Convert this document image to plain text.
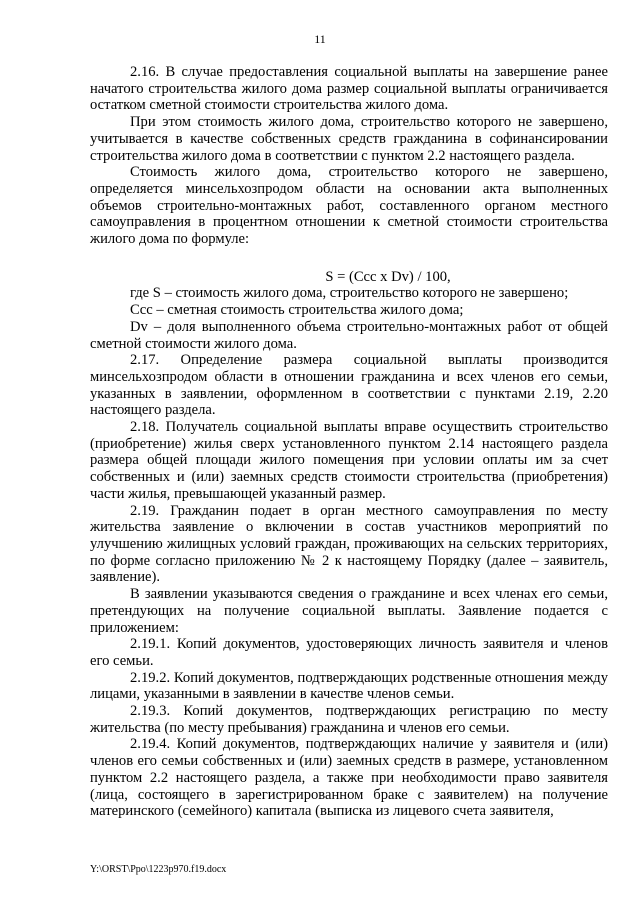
11

2.16. В случае предоставления социальной выплаты на завершение ранее начатого строительства жилого дома размер социальной выплаты ограничивается остатком сметной стоимости строительства жилого дома.

При этом стоимость жилого дома, строительство которого не завершено, учитывается в качестве собственных средств гражданина в софинансировании строительства жилого дома в соответствии с пунктом 2.2 настоящего раздела.

Стоимость жилого дома, строительство которого не завершено, определяется минсельхозпродом области на основании акта выполненных объемов строительно-монтажных работ, составленного органом местного самоуправления в процентном отношении к сметной стоимости строительства жилого дома по формуле:

S = (Ccc x Dv) / 100,

где S – стоимость жилого дома, строительство которого не завершено;

Ccc – сметная стоимость строительства жилого дома;

Dv – доля выполненного объема строительно-монтажных работ от общей сметной стоимости жилого дома.

2.17. Определение размера социальной выплаты производится минсельхозпродом области в отношении гражданина и всех членов его семьи, указанных в заявлении, оформленном в соответствии с пунктами 2.19, 2.20 настоящего раздела.

2.18. Получатель социальной выплаты вправе осуществить строительство (приобретение) жилья сверх установленного пунктом 2.14 настоящего раздела размера общей площади жилого помещения при условии оплаты им за счет собственных и (или) заемных средств стоимости строительства (приобретения) части жилья, превышающей указанный размер.

2.19. Гражданин подает в орган местного самоуправления по месту жительства заявление о включении в состав участников мероприятий по улучшению жилищных условий граждан, проживающих на сельских территориях, по форме согласно приложению № 2 к настоящему Порядку (далее – заявитель, заявление).

В заявлении указываются сведения о гражданине и всех членах его семьи, претендующих на получение социальной выплаты. Заявление подается с приложением:

2.19.1. Копий документов, удостоверяющих личность заявителя и членов его семьи.

2.19.2. Копий документов, подтверждающих родственные отношения между лицами, указанными в заявлении в качестве членов семьи.

2.19.3. Копий документов, подтверждающих регистрацию по месту жительства (по месту пребывания) гражданина и членов его семьи.

2.19.4. Копий документов, подтверждающих наличие у заявителя и (или) членов его семьи собственных и (или) заемных средств в размере, установленном пунктом 2.2 настоящего раздела, а также при необходимости право заявителя (лица, состоящего в зарегистрированном браке с заявителем) на получение материнского (семейного) капитала (выписка из лицевого счета заявителя,

Y:\ORST\Ppo\1223p970.f19.docx
